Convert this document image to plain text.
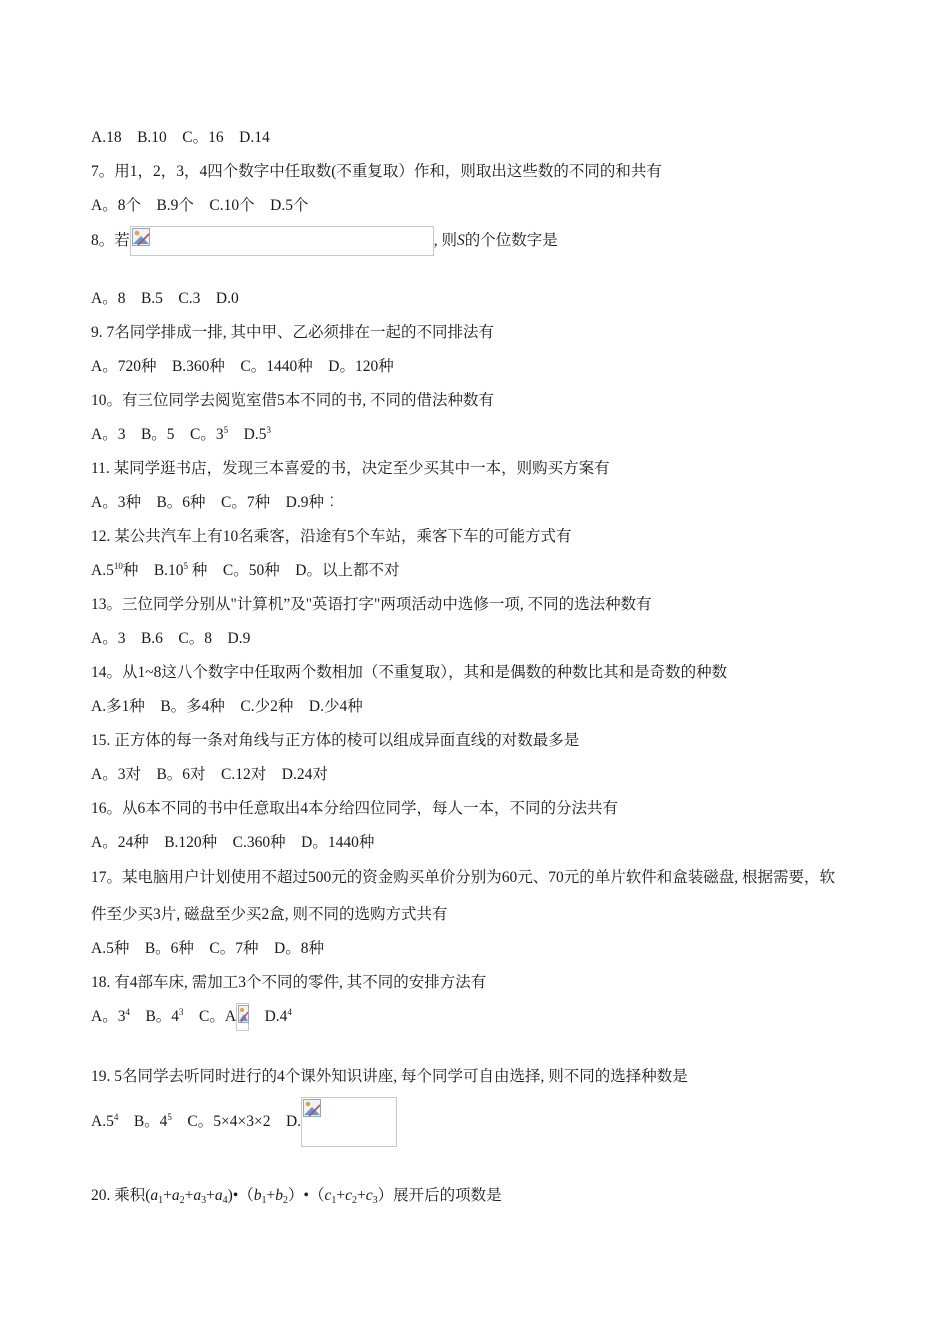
A.18    B.10    C。16    D.14
7。用1，2，3，4四个数字中任取数(不重复取）作和，则取出这些数的不同的和共有
A。8个    B.9个    C.10个    D.5个
8。若	, 则S的个位数字是
A。8    B.5    C.3    D.0
9. 7名同学排成一排, 其中甲、乙必须排在一起的不同排法有
A。720种    B.360种    C。1440种    D。120种
10。有三位同学去阅览室借5本不同的书, 不同的借法种数有
A。3    B。5    C。$3^5$    $D.5^3$
11. 某同学逛书店，发现三本喜爱的书，决定至少买其中一本，则购买方案有
A。3种    B。6种    C。7种    D.9种︰
12. 某公共汽车上有10名乘客，沿途有5个车站，乘客下车的可能方式有
$A.5^{10}$种    $B.10^5$ 种    C。50种    D。以上都不对
13。三位同学分别从"计算机”及"英语打字"两项活动中选修一项, 不同的选法种数有
A。3    B.6    C。8    D.9
14。从1~8这八个数字中任取两个数相加（不重复取），其和是偶数的种数比其和是奇数的种数
A.多1种    B。多4种    C.少2种    D.少4种
15. 正方体的每一条对角线与正方体的棱可以组成异面直线的对数最多是
A。3对    B。6对    C.12对    D.24对
16。从6本不同的书中任意取出4本分给四位同学，每人一本，不同的分法共有
A。24种    B.120种    C.360种    D。1440种
17。某电脑用户计划使用不超过500元的资金购买单价分别为60元、70元的单片软件和盒装磁盘, 根据需要，软
件至少买3片, 磁盘至少买2盒, 则不同的选购方式共有
A.5种    B。6种    C。7种    D。8种
18. 有4部车床, 需加工3个不同的零件, 其不同的安排方法有
A。$3^4$    B。$4^3$    C。A
$D.4^4$
19. 5名同学去听同时进行的4个课外知识讲座, 每个同学可自由选择, 则不同的选择种数是
$A.5^4$    B。$4^5$    C。5×4×3×2    D.
20. 乘积$(a_1+a_2+a_3+a_4)•(b_1+b_2)•(c_1+c_2+c_3)$展开后的项数是
